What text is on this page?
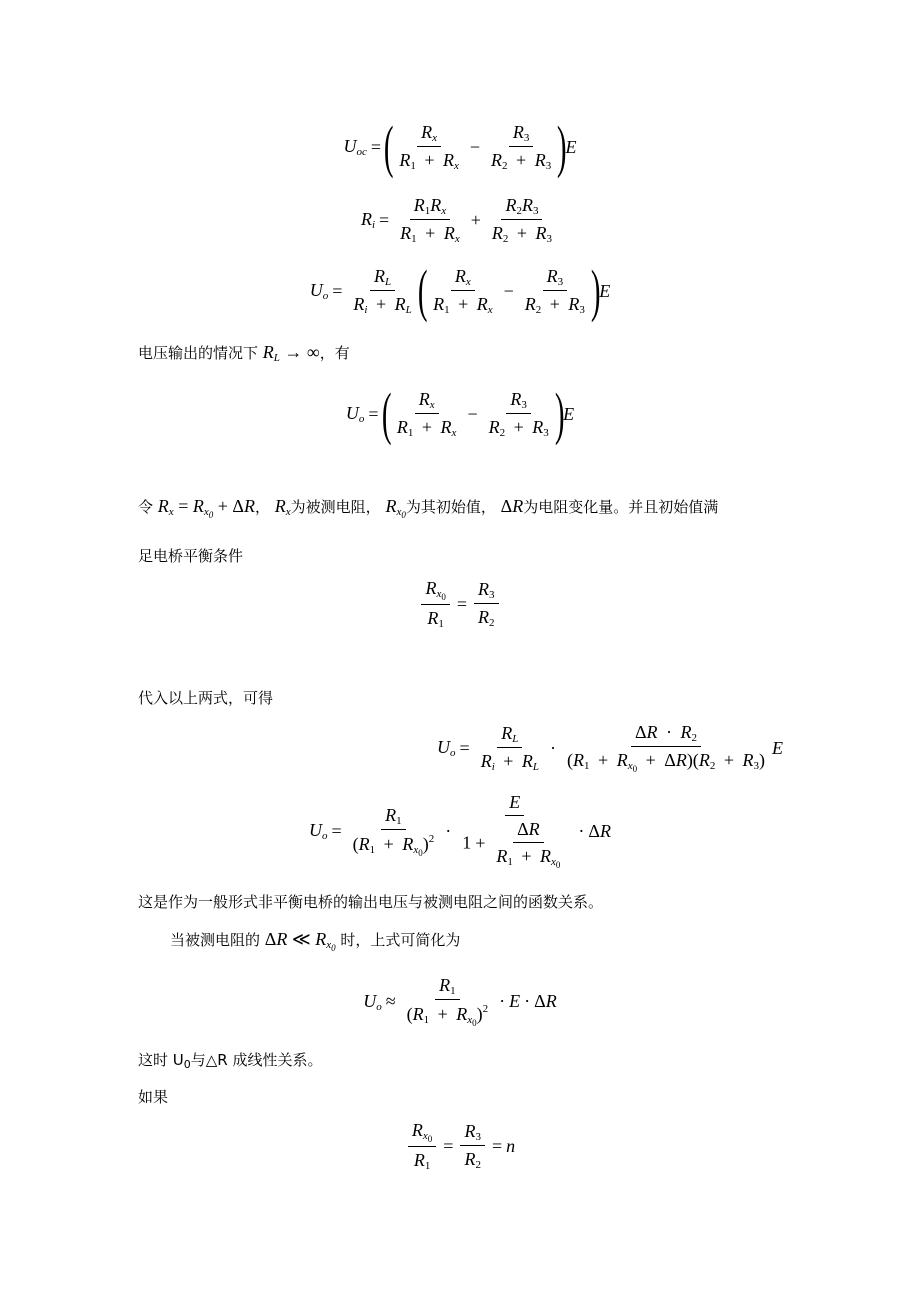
$U_{oc}$ = ( $\frac{R_x}{R_1 + R_x} - \frac{R_3}{R_2 + R_3}$ )
E
$R_i = \frac{R_1R_x}{R_1 + R_x} + \frac{R_2R_3}{R_2 + R_3}$
$U_o = \frac{R_L}{R_i + R_L}$ ( $\frac{R_x}{R_1 + R_x} - \frac{R_3}{R_2 + R_3}$ )
E
电压输出的情况下 $R_L$ → ∞，有
$U_o$ = ( $\frac{R_x}{R_1 + R_x} - \frac{R_3}{R_2 + R_3}$ )
E
令 $R_x = R_{x_0} + \Delta R$， $R_x$为被测电阻， $R_{x_0}$为其初始值， ΔR为电阻变化量。并且初始值满
足电桥平衡条件
$\frac{R_{x_0}}{R_1} = \frac{R_3}{R_2}$
代入以上两式，可得
$U_o = \frac{R_L}{R_i + R_L} \cdot \frac{\Delta R \cdot R_2}{(R_1 + R_{x_0} + \Delta R)(R_2 + R_3)}$ E
$U_o = \frac{R_1}{(R_1 + R_{x_0})^2} \cdot \frac{E}{1 + \frac{\Delta R}{R_1 + R_{x_0}}} \cdot \Delta R$
这是作为一般形式非平衡电桥的输出电压与被测电阻之间的函数关系。
当被测电阻的 ΔR ≪ $R_{x_0}$ 时，上式可简化为
$U_o \approx \frac{R_1}{(R_1 + R_{x_0})^2} \cdot E \cdot \Delta R$
这时 $U_0$与△R 成线性关系。
如果
$\frac{R_{x_0}}{R_1} = \frac{R_3}{R_2} = n$
